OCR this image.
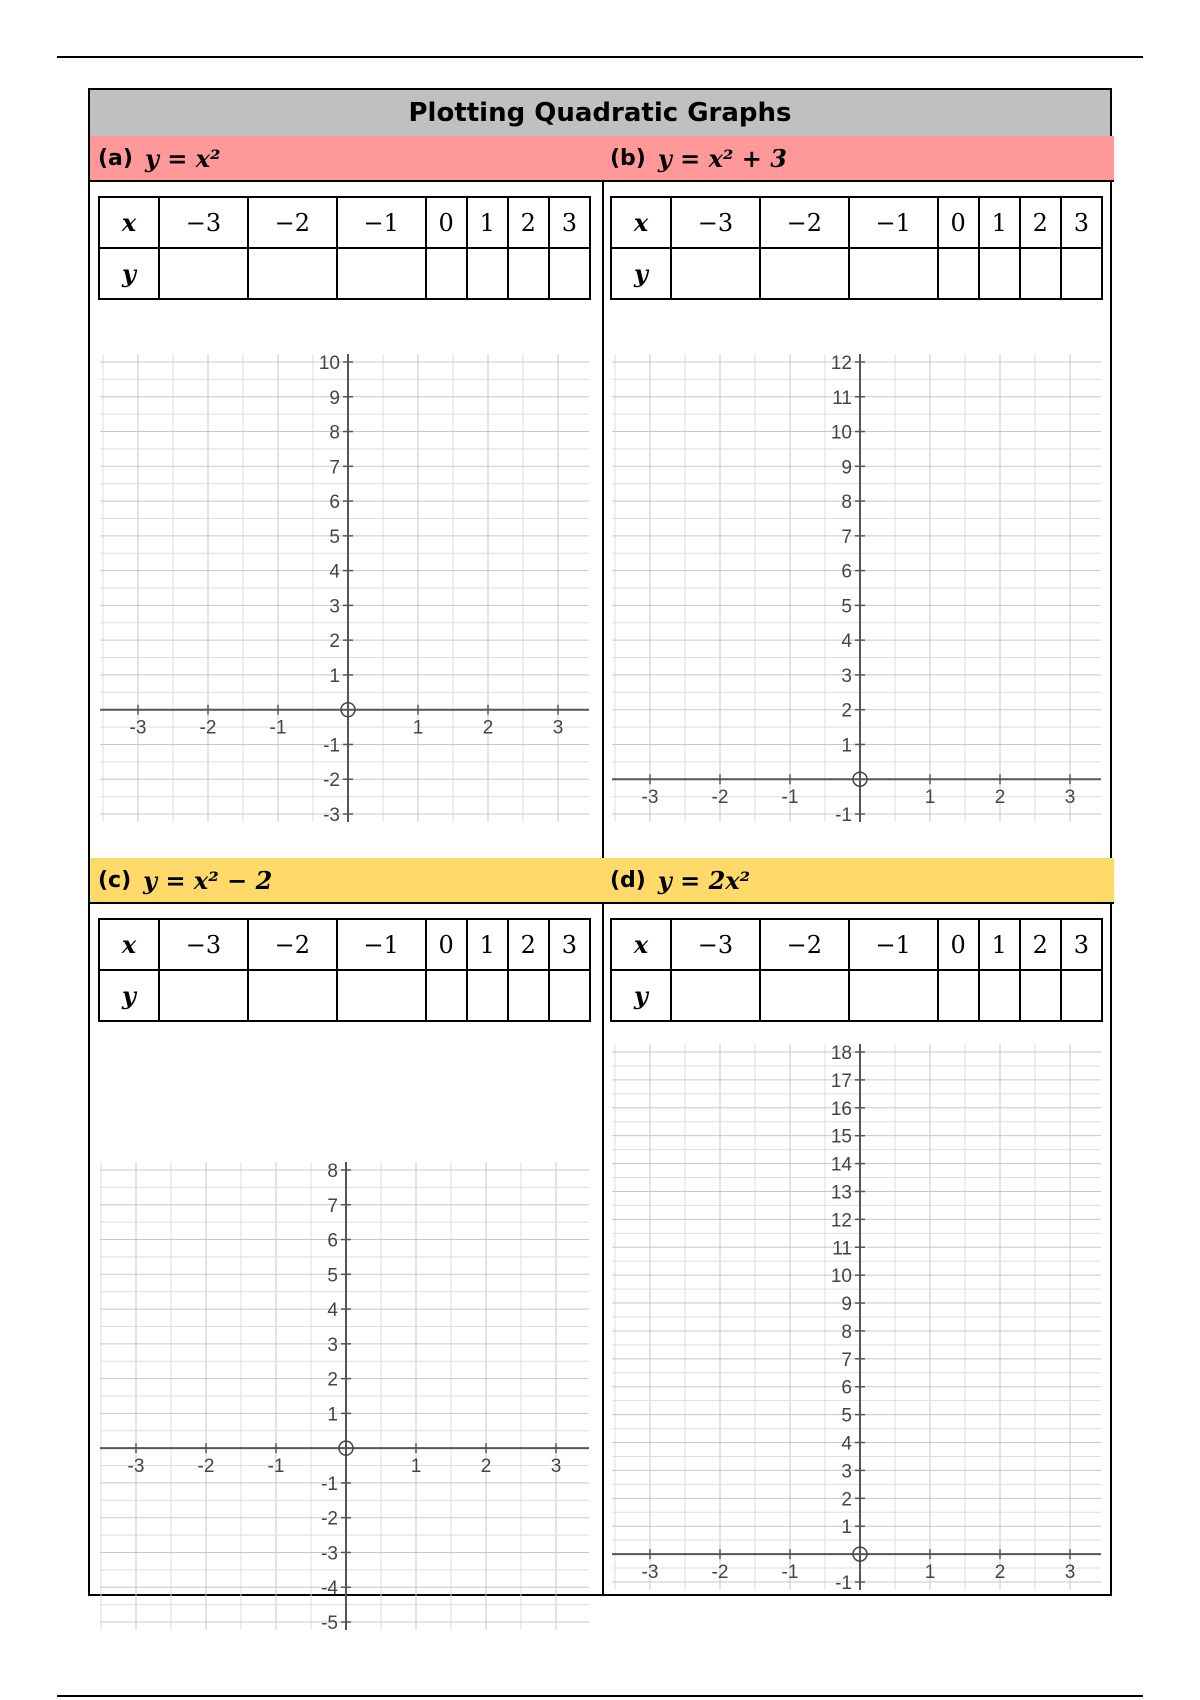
Plotting Quadratic Graphs
(a) y = x²
x	−3	−2	−1	0	1	2	3
y							
-3	-2	-1	1	2	3
-3
-2
-1
1
2
3
4
5
6
7
8
9
10
(b) y = x² + 3
x	−3	−2	−1	0	1	2	3
y							
-3	-2	-1	1	2	3
-1
1
2
3
4
5
6
7
8
9
10
11
12
(c) y = x² − 2
x	−3	−2	−1	0	1	2	3
y							
-3	-2	-1	1	2	3
-5
-4
-3
-2
-1
1
2
3
4
5
6
7
8
(d) y = 2x²
x	−3	−2	−1	0	1	2	3
y							
-3	-2	-1	1	2	3
-1
1
2
3
4
5
6
7
8
9
10
11
12
13
14
15
16
17
18
